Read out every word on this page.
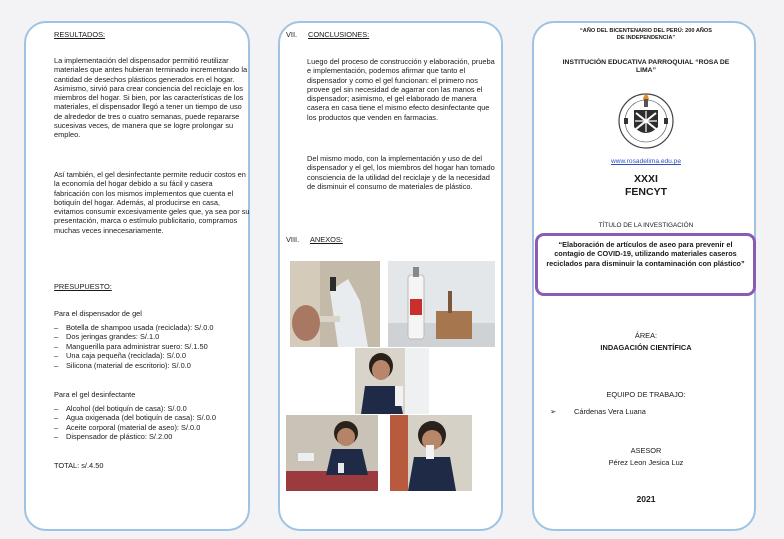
RESULTADOS:
La implementación del dispensador permitió reutilizar materiales que antes hubieran terminado incrementando la cantidad de desechos plásticos generados en el hogar. Asimismo, sirvió para crear conciencia del reciclaje en los miembros del hogar. Si bien, por las características de los materiales, el dispensador llegó a tener un tiempo de uso de alrededor de tres o cuatro semanas, puede repararse sucesivas veces, de manera que se logre prolongar su empleo.
Así también, el gel desinfectante permite reducir costos en la economía del hogar debido a su fácil y casera fabricación con los mismos implementos que cuenta el botiquín del hogar. Además, al producirse en casa, evitamos consumir excesivamente geles que, ya sea por su presentación, marca o estímulo publicitario, compramos muchas veces innecesariamente.
PRESUPUESTO:
Para el dispensador de gel
– Botella de shampoo usada (reciclada): S/.0.0
– Dos jeringas grandes: S/.1.0
– Manguerilla para administrar suero: S/.1.50
– Una caja pequeña (reciclada): S/.0.0
– Silicona (material de escritorio): S/.0.0
Para el gel desinfectante
– Alcohol (del botiquín de casa): S/.0.0
– Agua oxigenada (del botiquín de casa): S/.0.0
– Aceite corporal (material de aseo): S/.0.0
– Dispensador de plástico: S/.2.00
TOTAL: s/.4.50
VII. CONCLUSIONES:
Luego del proceso de construcción y elaboración, prueba e implementación, podemos afirmar que tanto el dispensador y como el gel funcionan: el primero nos provee gel sin necesidad de agarrar con las manos el dispensador; asimismo, el gel elaborado de manera casera en casa tiene el mismo efecto desinfectante que los productos que venden en farmacias.
Del mismo modo, con la implementación y uso de del dispensador y el gel, los miembros del hogar han tomado consciencia de la utilidad del reciclaje y de la necesidad de disminuir el consumo de materiales de plástico.
VIII. ANEXOS:
“AÑO DEL BICENTENARIO DEL PERÚ: 200 AÑOS DE INDEPENDENCIA”
INSTITUCIÓN EDUCATIVA PARROQUIAL “ROSA DE LIMA”
www.rosadelima.edu.pe
XXXI
FENCYT
TÍTULO DE LA INVESTIGACIÓN
“Elaboración de artículos de aseo para prevenir el contagio de COVID-19, utilizando materiales caseros reciclados para disminuir la contaminación con plástico”
ÁREA:
INDAGACIÓN CIENTÍFICA
EQUIPO DE TRABAJO:
➢ Cárdenas Vera Luana
ASESOR
Pérez Leon Jesica Luz
2021
